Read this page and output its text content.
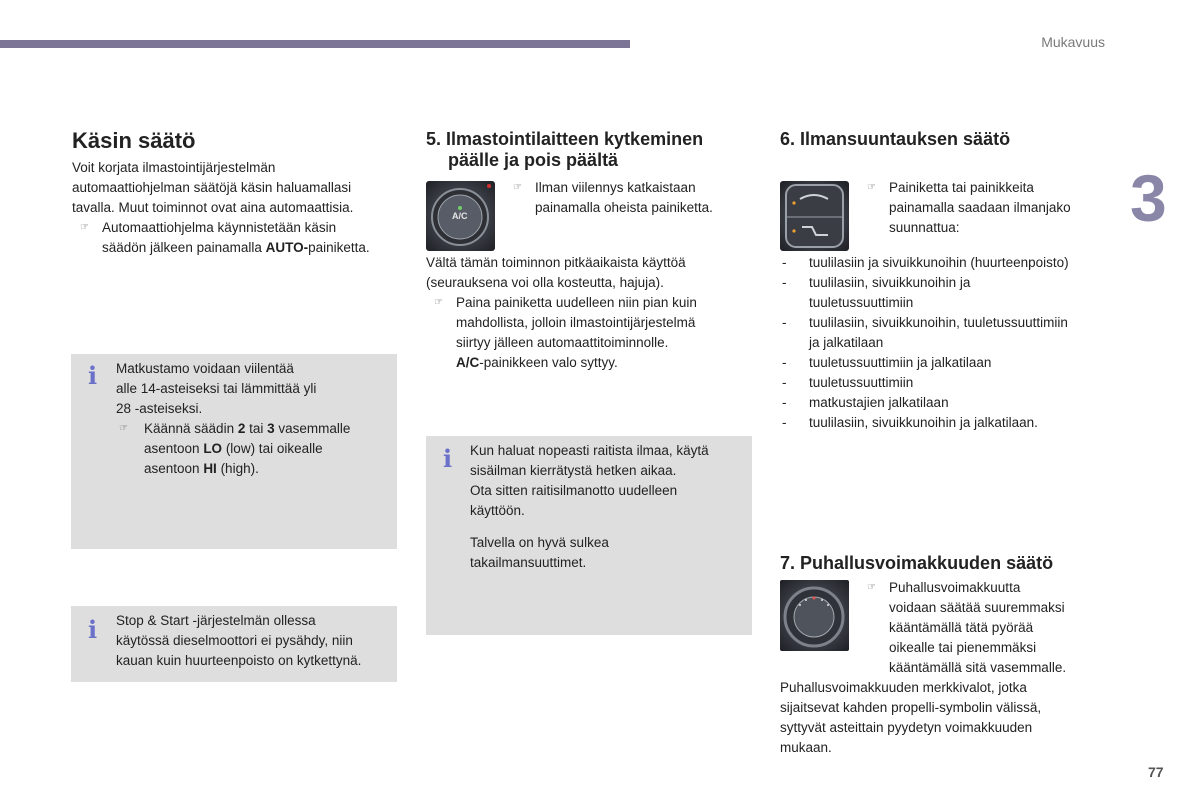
Mukavuus
3
77
Käsin säätö
Voit korjata ilmastointijärjestelmän
automaattiohjelman säätöjä käsin haluamallasi
tavalla. Muut toiminnot ovat aina automaattisia.
☞ Automaattiohjelma käynnistetään käsin
säädön jälkeen painamalla AUTO-painiketta.
i Matkustamo voidaan viilentää
alle 14-asteiseksi tai lämmittää yli
28 -asteiseksi.
☞ Käännä säädin 2 tai 3 vasemmalle
asentoon LO (low) tai oikealle
asentoon HI (high).
i Stop & Start -järjestelmän ollessa
käytössä dieselmoottori ei pysähdy, niin
kauan kuin huurteenpoisto on kytkettynä.
5. Ilmastointilaitteen kytkeminen
päälle ja pois päältä
A/C
☞ Ilman viilennys katkaistaan
painamalla oheista painiketta.
Vältä tämän toiminnon pitkäaikaista käyttöä
(seurauksena voi olla kosteutta, hajuja).
☞ Paina painiketta uudelleen niin pian kuin
mahdollista, jolloin ilmastointijärjestelmä
siirtyy jälleen automaattitoiminnolle.
A/C-painikkeen valo syttyy.
i Kun haluat nopeasti raitista ilmaa, käytä
sisäilman kierrätystä hetken aikaa.
Ota sitten raitisilmanotto uudelleen
käyttöön.
Talvella on hyvä sulkea
takailmansuuttimet.
6. Ilmansuuntauksen säätö
☞ Painiketta tai painikkeita
painamalla saadaan ilmanjako
suunnattua:
- tuulilasiin ja sivuikkunoihin (huurteenpoisto)
- tuulilasiin, sivuikkunoihin ja
tuuletussuuttimiin
- tuulilasiin, sivuikkunoihin, tuuletussuuttimiin
ja jalkatilaan
- tuuletussuuttimiin ja jalkatilaan
- tuuletussuuttimiin
- matkustajien jalkatilaan
- tuulilasiin, sivuikkunoihin ja jalkatilaan.
7. Puhallusvoimakkuuden säätö
☞ Puhallusvoimakkuutta
voidaan säätää suuremmaksi
kääntämällä tätä pyörää
oikealle tai pienemmäksi
kääntämällä sitä vasemmalle.
Puhallusvoimakkuuden merkkivalot, jotka
sijaitsevat kahden propelli-symbolin välissä,
syttyvät asteittain pyydetyn voimakkuuden
mukaan.
